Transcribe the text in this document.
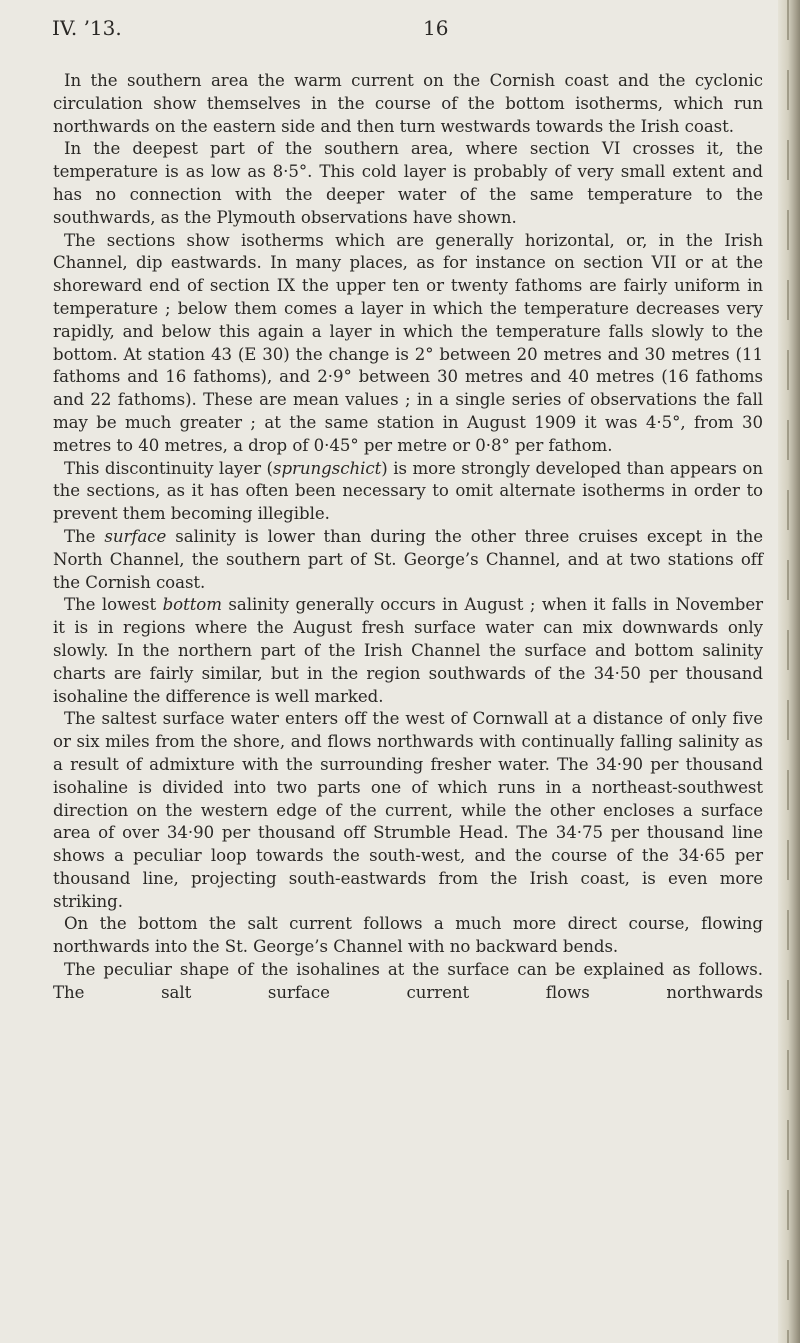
IV. ’13.	16

In the southern area the warm current on the Cornish coast and the cyclonic circulation show themselves in the course of the bottom isotherms, which run northwards on the eastern side and then turn westwards towards the Irish coast.

In the deepest part of the southern area, where section VI crosses it, the temperature is as low as 8·5°. This cold layer is probably of very small extent and has no connection with the deeper water of the same temperature to the southwards, as the Plymouth observations have shown.

The sections show isotherms which are generally horizontal, or, in the Irish Channel, dip eastwards. In many places, as for instance on section VII or at the shoreward end of section IX the upper ten or twenty fathoms are fairly uniform in temperature ; below them comes a layer in which the temperature decreases very rapidly, and below this again a layer in which the temperature falls slowly to the bottom. At station 43 (E 30) the change is 2° between 20 metres and 30 metres (11 fathoms and 16 fathoms), and 2·9° between 30 metres and 40 metres (16 fathoms and 22 fathoms). These are mean values ; in a single series of observations the fall may be much greater ; at the same station in August 1909 it was 4·5°, from 30 metres to 40 metres, a drop of 0·45° per metre or 0·8° per fathom.

This discontinuity layer (sprungschict) is more strongly developed than appears on the sections, as it has often been necessary to omit alternate isotherms in order to prevent them becoming illegible.

The surface salinity is lower than during the other three cruises except in the North Channel, the southern part of St. George’s Channel, and at two stations off the Cornish coast.

The lowest bottom salinity generally occurs in August ; when it falls in November it is in regions where the August fresh surface water can mix downwards only slowly. In the northern part of the Irish Channel the surface and bottom salinity charts are fairly similar, but in the region southwards of the 34·50 per thousand isohaline the difference is well marked.

The saltest surface water enters off the west of Cornwall at a distance of only five or six miles from the shore, and flows northwards with continually falling salinity as a result of admixture with the surrounding fresher water. The 34·90 per thousand isohaline is divided into two parts one of which runs in a northeast-southwest direction on the western edge of the current, while the other encloses a surface area of over 34·90 per thousand off Strumble Head. The 34·75 per thousand line shows a peculiar loop towards the south-west, and the course of the 34·65 per thousand line, projecting south-eastwards from the Irish coast, is even more striking.

On the bottom the salt current follows a much more direct course, flowing northwards into the St. George’s Channel with no backward bends.

The peculiar shape of the isohalines at the surface can be explained as follows. The salt surface current flows northwards
